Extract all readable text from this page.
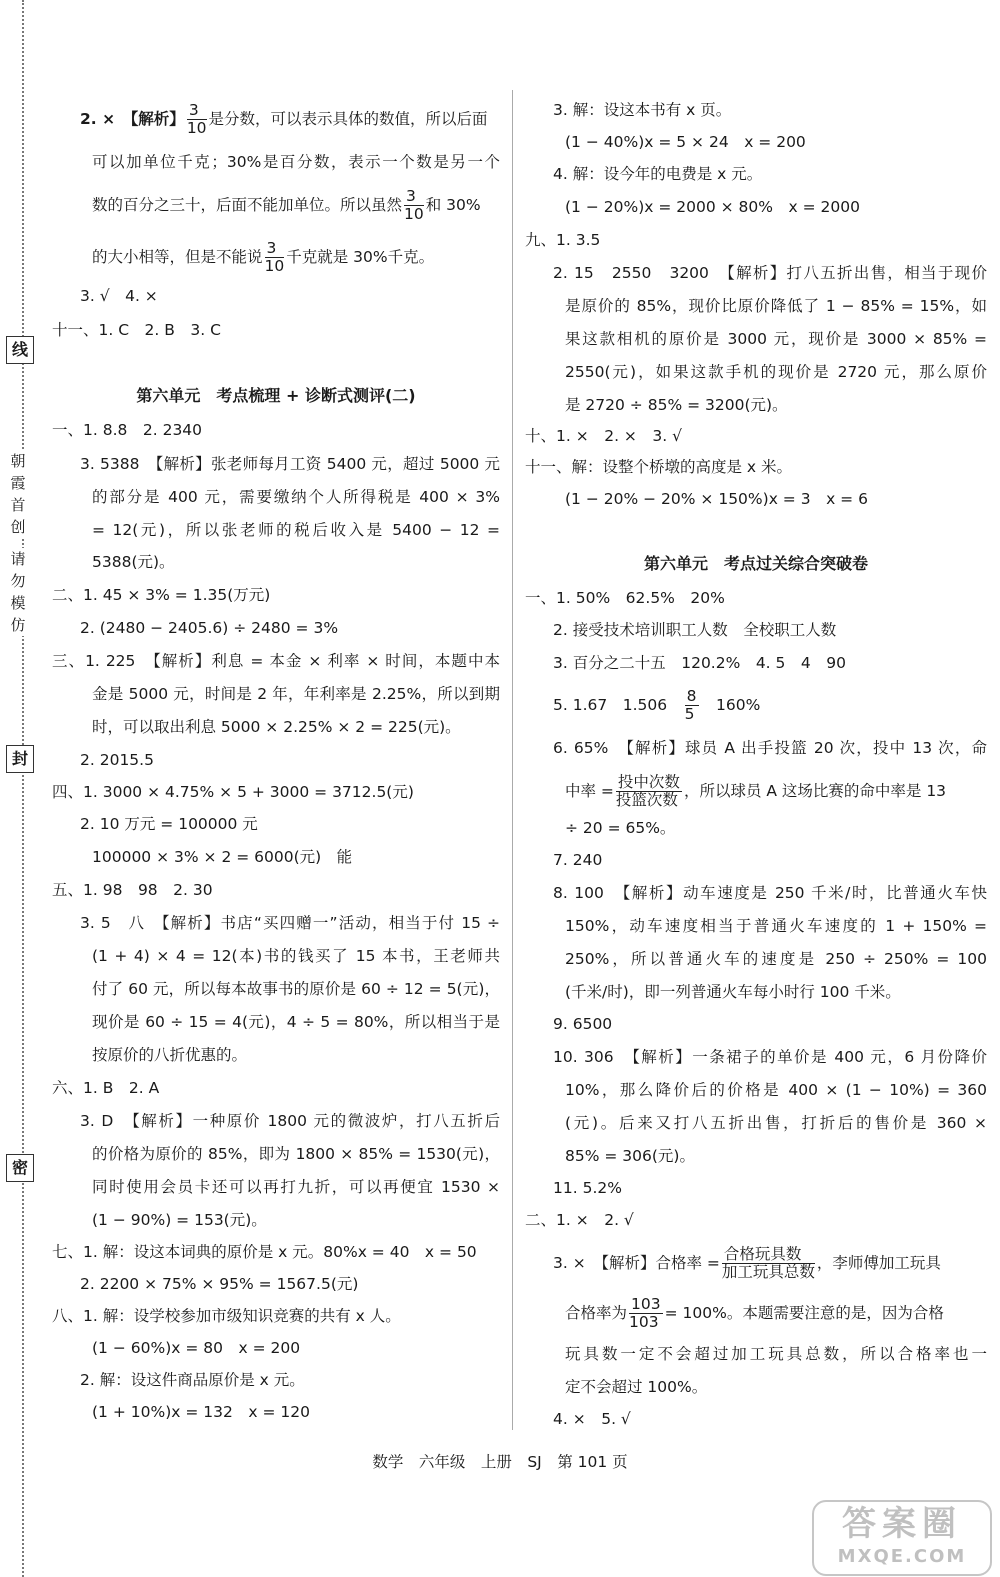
线
朝霞首创
请勿模仿
封
密
2. ×　【解析】 $\frac{3}{10}$ 是分数，可以表示具体的数值，所以后面
可以加单位千克；30%是百分数，表示一个数是另一个
数的百分之三十，后面不能加单位。所以虽然 $\frac{3}{10}$ 和 30%
的大小相等，但是不能说 $\frac{3}{10}$ 千克就是 30%千克。
3. √　4. ×
十一、1. C　2. B　3. C
第六单元　考点梳理 + 诊断式测评(二)
一、1. 8.8　2. 2340
3. 5388　【解析】张老师每月工资 5400 元，超过 5000 元
的部分是 400 元，需要缴纳个人所得税是 400 × 3%
= 12(元)，所以张老师的税后收入是 5400 − 12 =
5388(元)。
二、1. 45 × 3% = 1.35(万元)
2. (2480 − 2405.6) ÷ 2480 = 3%
三、1. 225　【解析】利息 = 本金 × 利率 × 时间，本题中本
金是 5000 元，时间是 2 年，年利率是 2.25%，所以到期
时，可以取出利息 5000 × 2.25% × 2 = 225(元)。
2. 2015.5
四、1. 3000 × 4.75% × 5 + 3000 = 3712.5(元)
2. 10 万元 = 100000 元
100000 × 3% × 2 = 6000(元)　能
五、1. 98　98　2. 30
3. 5　八　【解析】书店“买四赠一”活动，相当于付 15 ÷
(1 + 4) × 4 = 12(本)书的钱买了 15 本书，王老师共
付了 60 元，所以每本故事书的原价是 60 ÷ 12 = 5(元)，
现价是 60 ÷ 15 = 4(元)，4 ÷ 5 = 80%，所以相当于是
按原价的八折优惠的。
六、1. B　2. A
3. D　【解析】一种原价 1800 元的微波炉，打八五折后
的价格为原价的 85%，即为 1800 × 85% = 1530(元)，
同时使用会员卡还可以再打九折，可以再便宜 1530 ×
(1 − 90%) = 153(元)。
七、1. 解：设这本词典的原价是 x 元。80%x = 40　x = 50
2. 2200 × 75% × 95% = 1567.5(元)
八、1. 解：设学校参加市级知识竞赛的共有 x 人。
(1 − 60%)x = 80　x = 200
2. 解：设这件商品原价是 x 元。
(1 + 10%)x = 132　x = 120
3. 解：设这本书有 x 页。
(1 − 40%)x = 5 × 24　x = 200
4. 解：设今年的电费是 x 元。
(1 − 20%)x = 2000 × 80%　x = 2000
九、1. 3.5
2. 15　2550　3200　【解析】打八五折出售，相当于现价
是原价的 85%，现价比原价降低了 1 − 85% = 15%，如
果这款相机的原价是 3000 元，现价是 3000 × 85% =
2550(元)，如果这款手机的现价是 2720 元，那么原价
是 2720 ÷ 85% = 3200(元)。
十、1. ×　2. ×　3. √
十一、解：设整个桥墩的高度是 x 米。
(1 − 20% − 20% × 150%)x = 3　x = 6
第六单元　考点过关综合突破卷
一、1. 50%　62.5%　20%
2. 接受技术培训职工人数　全校职工人数
3. 百分之二十五　120.2%　4. 5　4　90
5. 1.67　1.506　 $\frac{8}{5}$
　 160%
6. 65%　【解析】球员 A 出手投篮 20 次，投中 13 次，命
中率 = $\frac{\text{投中次数}}{\text{投篮次数}}$ ，所以球员 A 这场比赛的命中率是 13
÷ 20 = 65%。
7. 240
8. 100　【解析】动车速度是 250 千米/时，比普通火车快
150%，动车速度相当于普通火车速度的 1 + 150% =
250%，所以普通火车的速度是 250 ÷ 250% = 100
(千米/时)，即一列普通火车每小时行 100 千米。
9. 6500
10. 306　【解析】一条裙子的单价是 400 元，6 月份降价
10%，那么降价后的价格是 400 × (1 − 10%) = 360
(元)。后来又打八五折出售，打折后的售价是 360 ×
85% = 306(元)。
11. 5.2%
二、1. ×　2. √
3. ×　【解析】合格率 = $\frac{\text{合格玩具数}}{\text{加工玩具总数}}$ ，李师傅加工玩具
合格率为 $\frac{103}{103} = 100\%$。本题需要注意的是，因为合格
玩具数一定不会超过加工玩具总数，所以合格率也一
定不会超过 100%。
4. ×　5. √
数学　六年级　上册　SJ　第 101 页
答案圈
MXQE.COM
